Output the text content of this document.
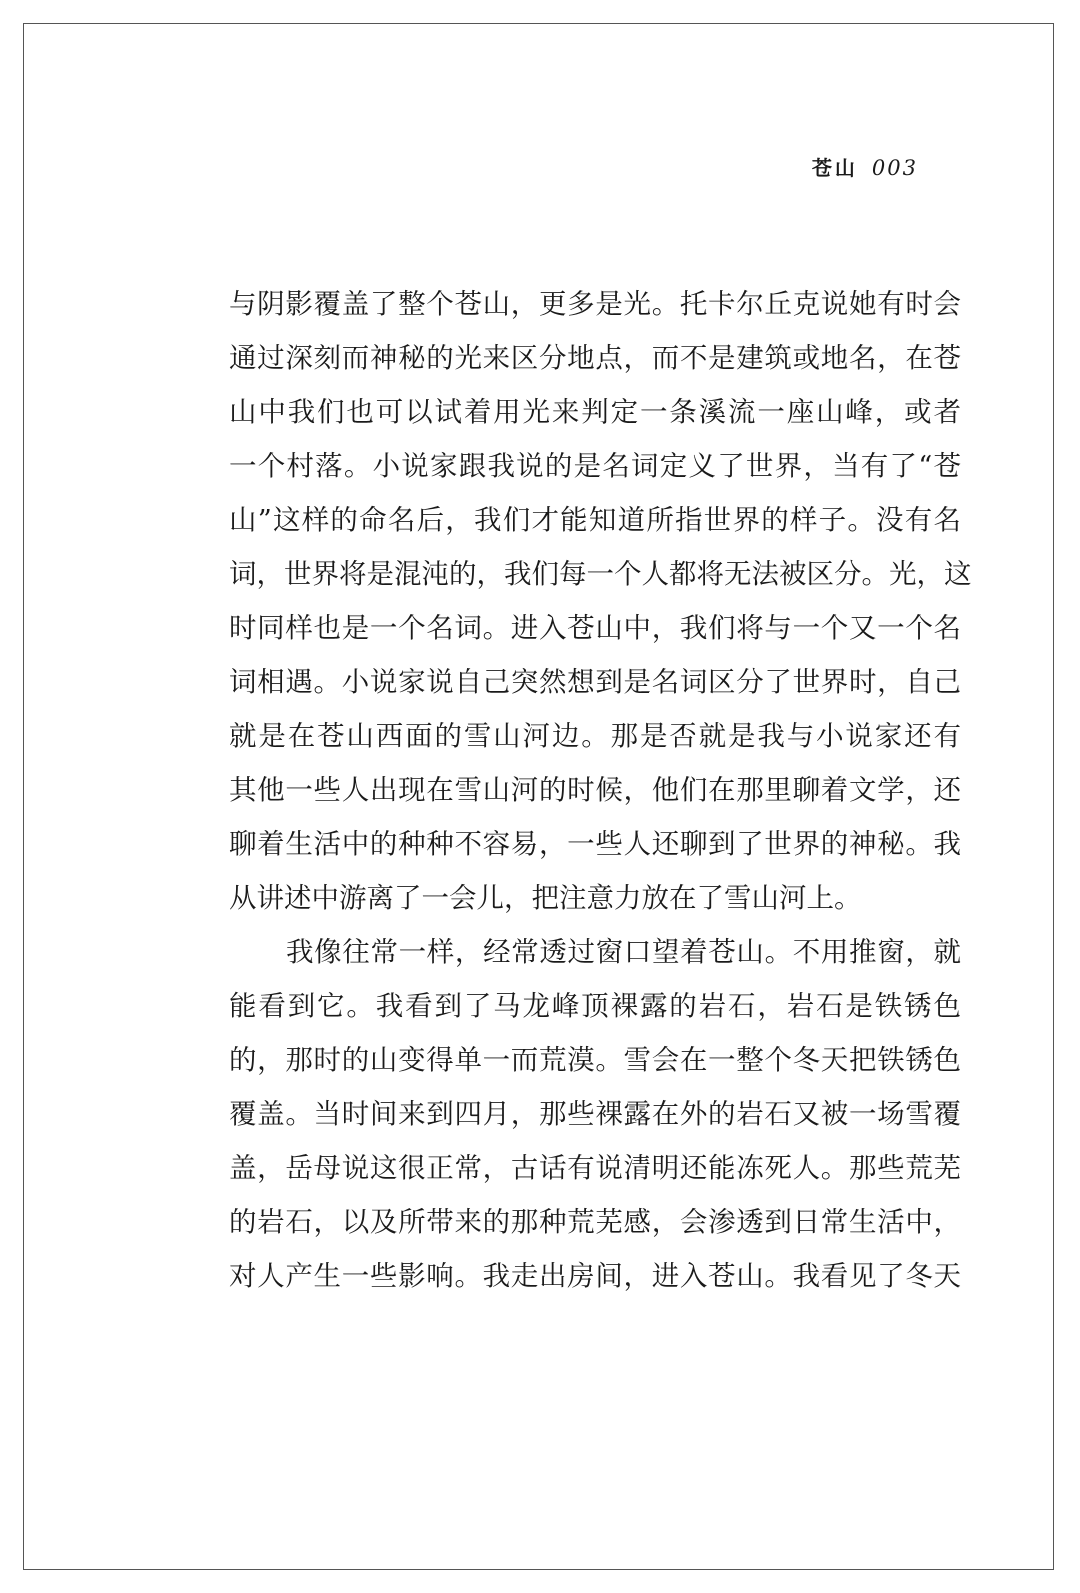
苍山 003
与阴影覆盖了整个苍山，更多是光。托卡尔丘克说她有时会
通过深刻而神秘的光来区分地点，而不是建筑或地名，在苍
山中我们也可以试着用光来判定一条溪流一座山峰，或者
一个村落。小说家跟我说的是名词定义了世界，当有了“苍
山”这样的命名后，我们才能知道所指世界的样子。没有名
词，世界将是混沌的，我们每一个人都将无法被区分。光，这
时同样也是一个名词。进入苍山中，我们将与一个又一个名
词相遇。小说家说自己突然想到是名词区分了世界时，自己
就是在苍山西面的雪山河边。那是否就是我与小说家还有
其他一些人出现在雪山河的时候，他们在那里聊着文学，还
聊着生活中的种种不容易，一些人还聊到了世界的神秘。我
从讲述中游离了一会儿，把注意力放在了雪山河上。
我像往常一样，经常透过窗口望着苍山。不用推窗，就
能看到它。我看到了马龙峰顶裸露的岩石，岩石是铁锈色
的，那时的山变得单一而荒漠。雪会在一整个冬天把铁锈色
覆盖。当时间来到四月，那些裸露在外的岩石又被一场雪覆
盖，岳母说这很正常，古话有说清明还能冻死人。那些荒芜
的岩石，以及所带来的那种荒芜感，会渗透到日常生活中，
对人产生一些影响。我走出房间，进入苍山。我看见了冬天
